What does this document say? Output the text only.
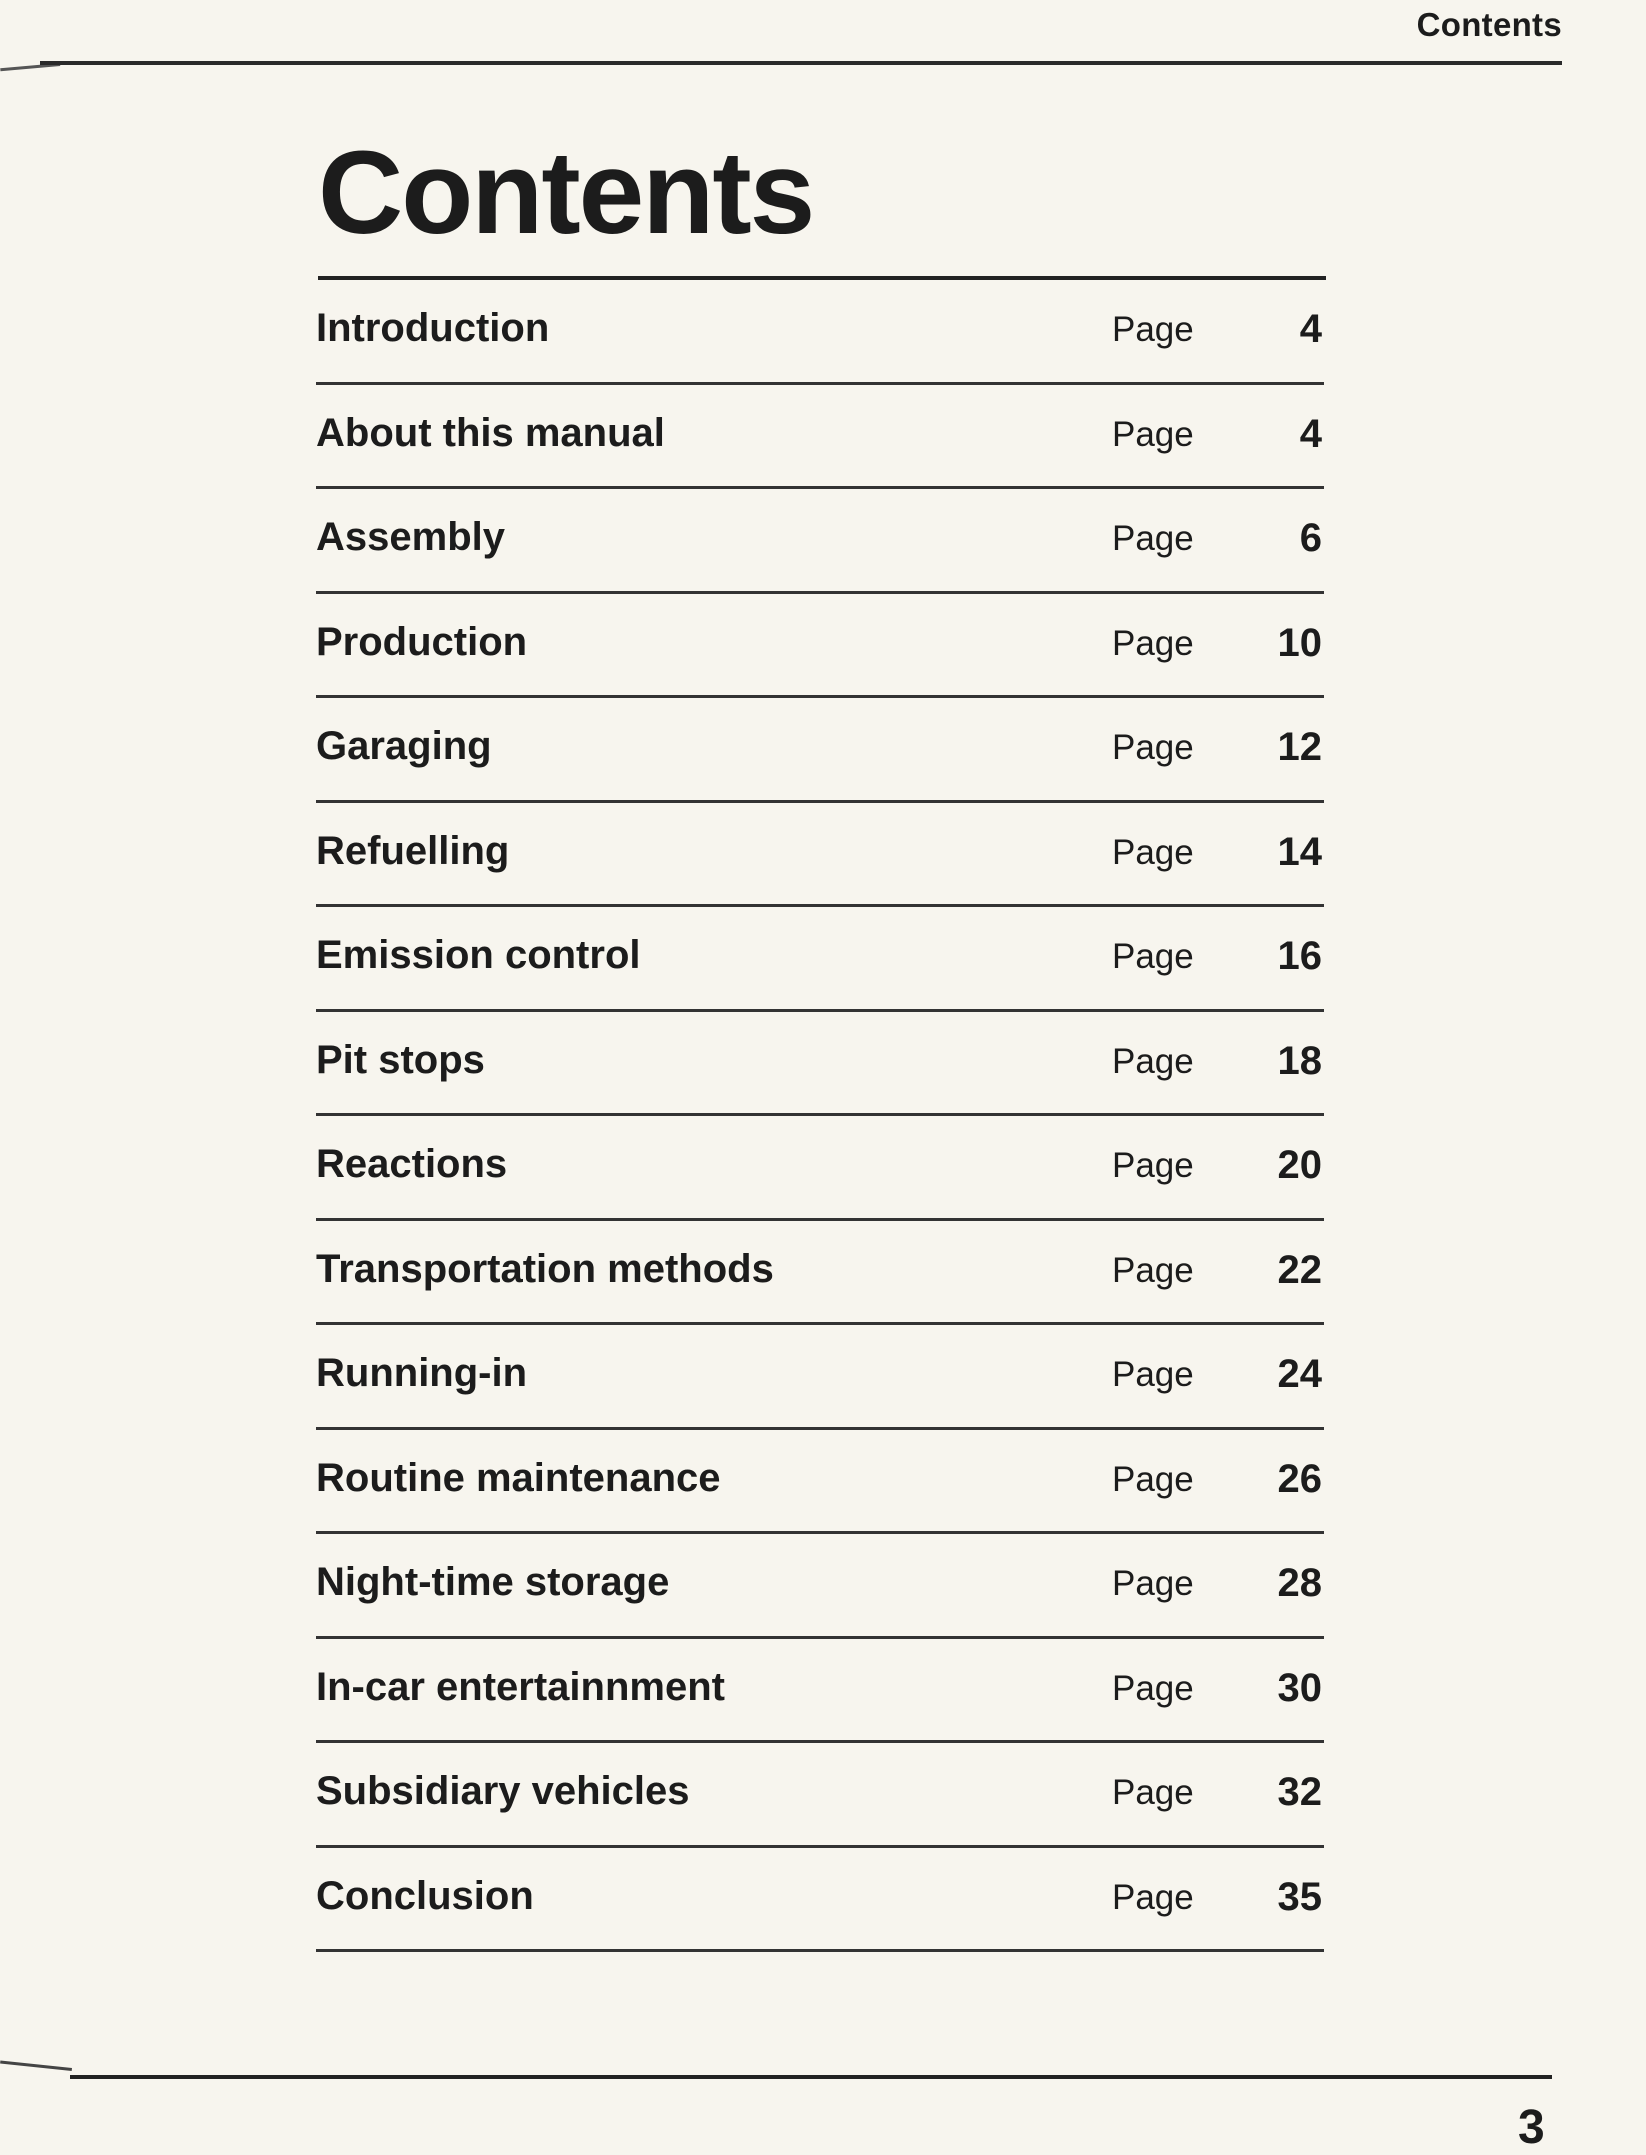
Contents
Contents
Introduction	Page	4
About this manual	Page	4
Assembly	Page	6
Production	Page 10
Garaging	Page 12
Refuelling	Page 14
Emission control	Page 16
Pit stops	Page 18
Reactions	Page 20
Transportation methods	Page 22
Running-in	Page 24
Routine maintenance	Page 26
Night-time storage	Page 28
In-car entertainnment	Page 30
Subsidiary vehicles	Page 32
Conclusion	Page 35
3
